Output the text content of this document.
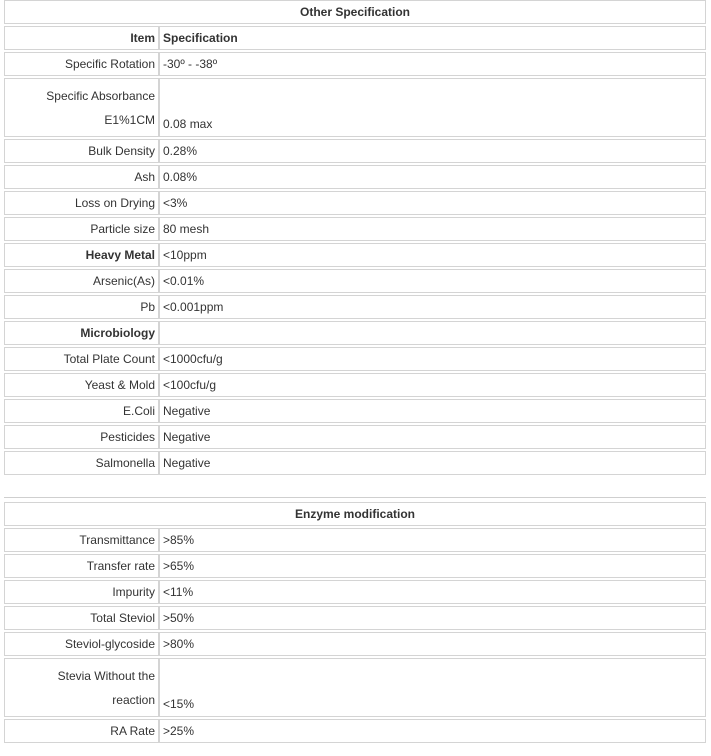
Other Specification	
Item	Specification
Specific Rotation	-30º - -38º
Specific Absorbance
E1%1CM	0.08 max
Bulk Density	0.28%
Ash	0.08%
Loss on Drying	<3%
Particle size	80 mesh
Heavy Metal	<10ppm
Arsenic(As)	<0.01%
Pb	<0.001ppm
Microbiology	
Total Plate Count	<1000cfu/g
Yeast & Mold	<100cfu/g
E.Coli	Negative
Pesticides	Negative
Salmonella	Negative
Enzyme modification	
Transmittance	>85%
Transfer rate	>65%
Impurity	<11%
Total Steviol	>50%
Steviol-glycoside	>80%
Stevia Without the
reaction	<15%
RA Rate	>25%
